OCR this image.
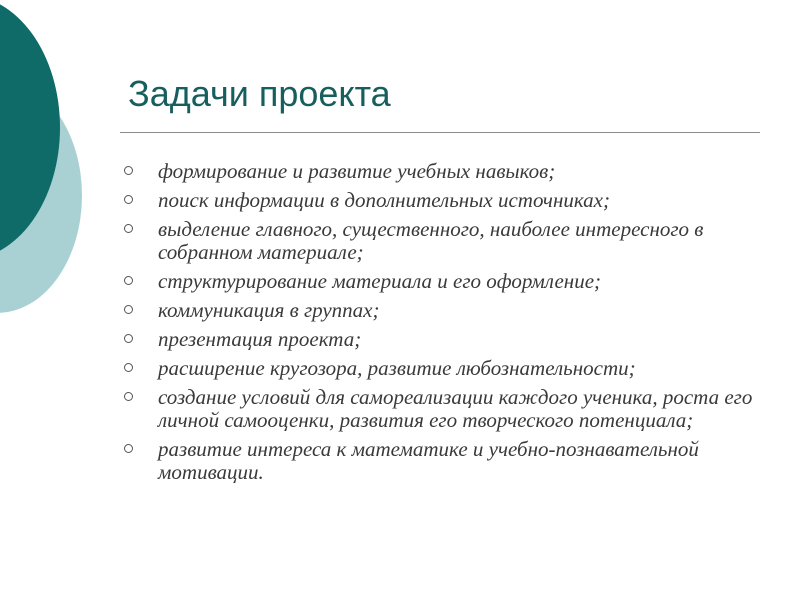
Задачи проекта
формирование и развитие учебных навыков;
поиск информации в дополнительных источниках;
выделение главного, существенного, наиболее интересного в собранном материале;
структурирование материала и его оформление;
коммуникация в группах;
презентация проекта;
расширение кругозора, развитие любознательности;
создание условий для самореализации каждого ученика, роста его личной самооценки, развития его творческого потенциала;
развитие интереса к математике и учебно-познавательной мотивации.
